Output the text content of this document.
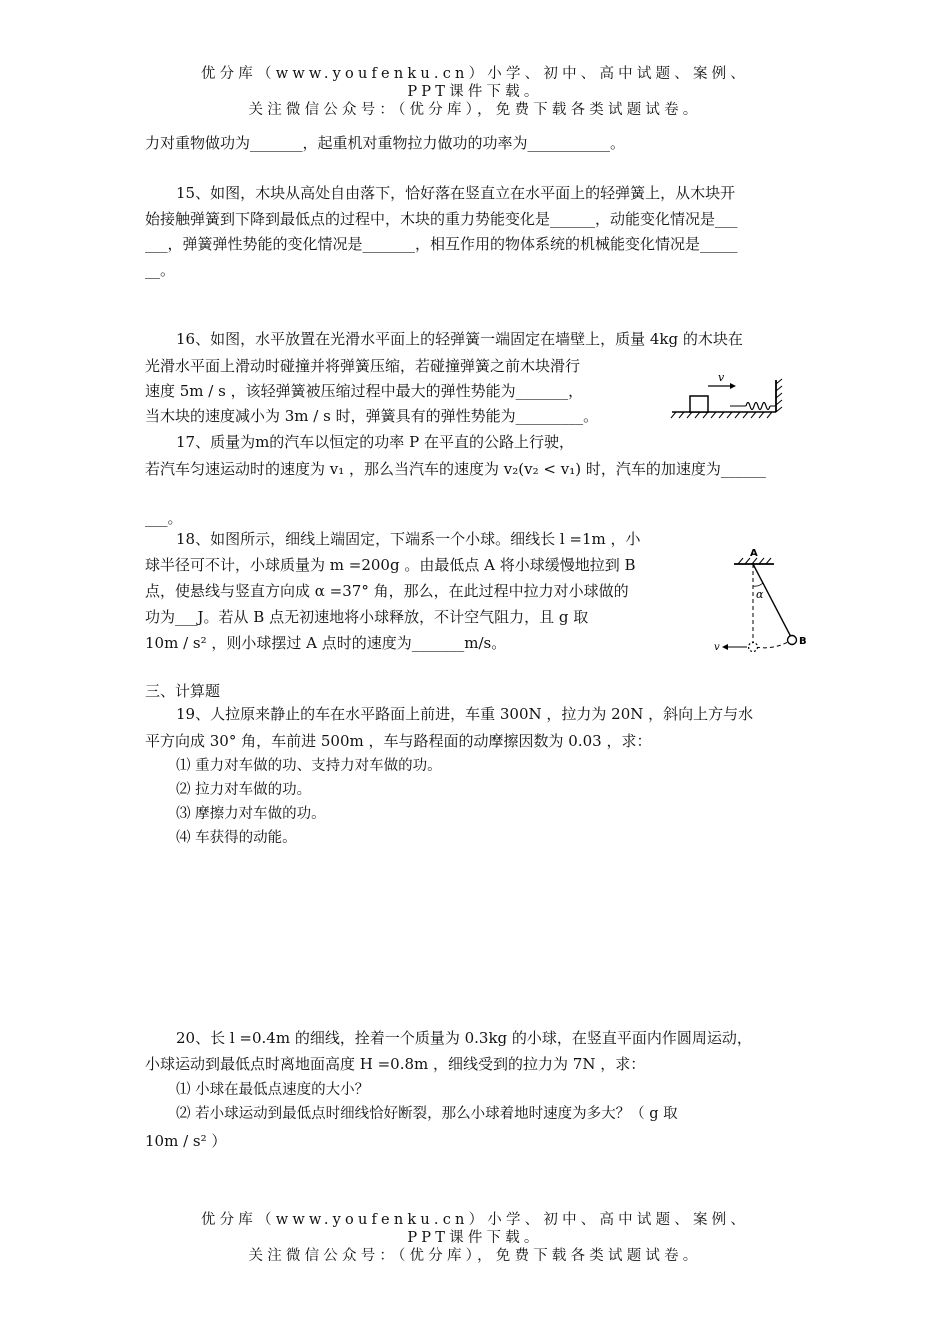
优分库（www.youfenku.cn）小学、初中、高中试题、案例、
PPT课件下载。
关注微信公众号：（优分库），免费下载各类试题试卷。
力对重物做功为_______，起重机对重物拉力做功的功率为___________。
15、如图，木块从高处自由落下，恰好落在竖直立在水平面上的轻弹簧上，从木块开
始接触弹簧到下降到最低点的过程中，木块的重力势能变化是______，动能变化情况是___
___，弹簧弹性势能的变化情况是_______，相互作用的物体系统的机械能变化情况是_____
__。
16、如图，水平放置在光滑水平面上的轻弹簧一端固定在墙壁上，质量 4kg 的木块在
光滑水平面上滑动时碰撞并将弹簧压缩，若碰撞弹簧之前木块滑行
速度 5m / s ，该轻弹簧被压缩过程中最大的弹性势能为_______，
当木块的速度减小为 3m / s 时，弹簧具有的弹性势能为_________。
v
17、质量为m的汽车以恒定的功率 P 在平直的公路上行驶，
若汽车匀速运动时的速度为 v₁ ，那么当汽车的速度为 v₂(v₂ < v₁) 时，汽车的加速度为______
___。
18、如图所示，细线上端固定，下端系一个小球。细线长 l =1m ，小
球半径可不计，小球质量为 m =200g 。由最低点 A 将小球缓慢地拉到 B
点，使悬线与竖直方向成 α =37° 角，那么，在此过程中拉力对小球做的
功为___J。若从 B 点无初速地将小球释放，不计空气阻力，且 g 取
10m / s² ，则小球摆过 A 点时的速度为_______m/s。
A
α
B
v
三、计算题
19、人拉原来静止的车在水平路面上前进，车重 300N ，拉力为 20N ，斜向上方与水
平方向成 30° 角，车前进 500m ，车与路程面的动摩擦因数为 0.03 ，求：
⑴ 重力对车做的功、支持力对车做的功。
⑵ 拉力对车做的功。
⑶ 摩擦力对车做的功。
⑷ 车获得的动能。
20、长 l =0.4m 的细线，拴着一个质量为 0.3kg 的小球，在竖直平面内作圆周运动，
小球运动到最低点时离地面高度 H =0.8m ，细线受到的拉力为 7N ，求：
⑴ 小球在最低点速度的大小？
⑵ 若小球运动到最低点时细线恰好断裂，那么小球着地时速度为多大？（ g 取
10m / s² ）
优分库（www.youfenku.cn）小学、初中、高中试题、案例、
PPT课件下载。
关注微信公众号：（优分库），免费下载各类试题试卷。
